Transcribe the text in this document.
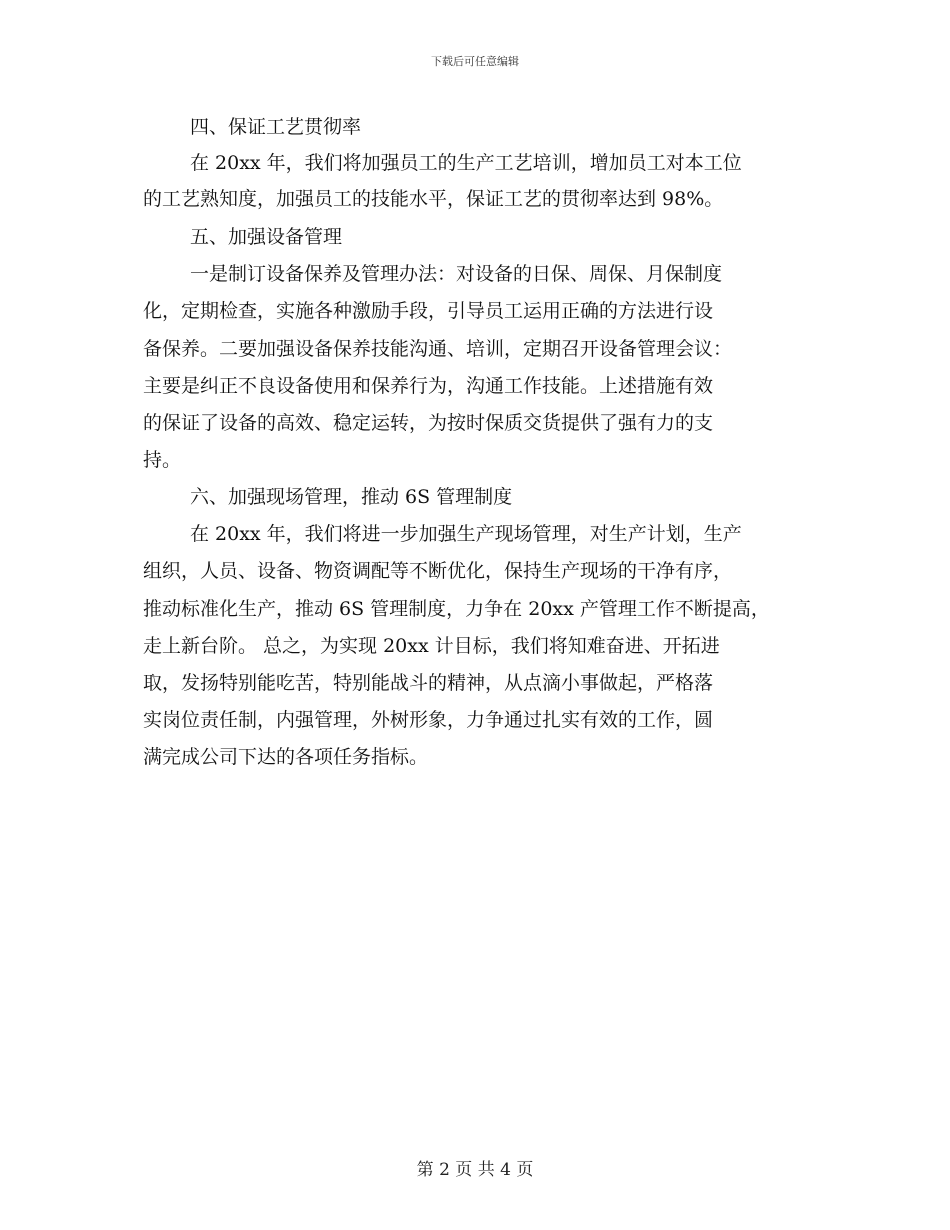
下载后可任意编辑
四、保证工艺贯彻率
在 20xx 年，我们将加强员工的生产工艺培训，增加员工对本工位
的工艺熟知度，加强员工的技能水平，保证工艺的贯彻率达到 98%。
五、加强设备管理
一是制订设备保养及管理办法：对设备的日保、周保、月保制度
化，定期检查，实施各种激励手段，引导员工运用正确的方法进行设
备保养。二要加强设备保养技能沟通、培训，定期召开设备管理会议：
主要是纠正不良设备使用和保养行为，沟通工作技能。上述措施有效
的保证了设备的高效、稳定运转，为按时保质交货提供了强有力的支
持。
六、加强现场管理，推动 6S 管理制度
在 20xx 年，我们将进一步加强生产现场管理，对生产计划，生产
组织，人员、设备、物资调配等不断优化，保持生产现场的干净有序，
推动标准化生产，推动 6S 管理制度，力争在 20xx 产管理工作不断提高，
走上新台阶。 总之，为实现 20xx 计目标，我们将知难奋进、开拓进
取，发扬特别能吃苦，特别能战斗的精神，从点滴小事做起，严格落
实岗位责任制，内强管理，外树形象，力争通过扎实有效的工作，圆
满完成公司下达的各项任务指标。
第 2 页 共 4 页
